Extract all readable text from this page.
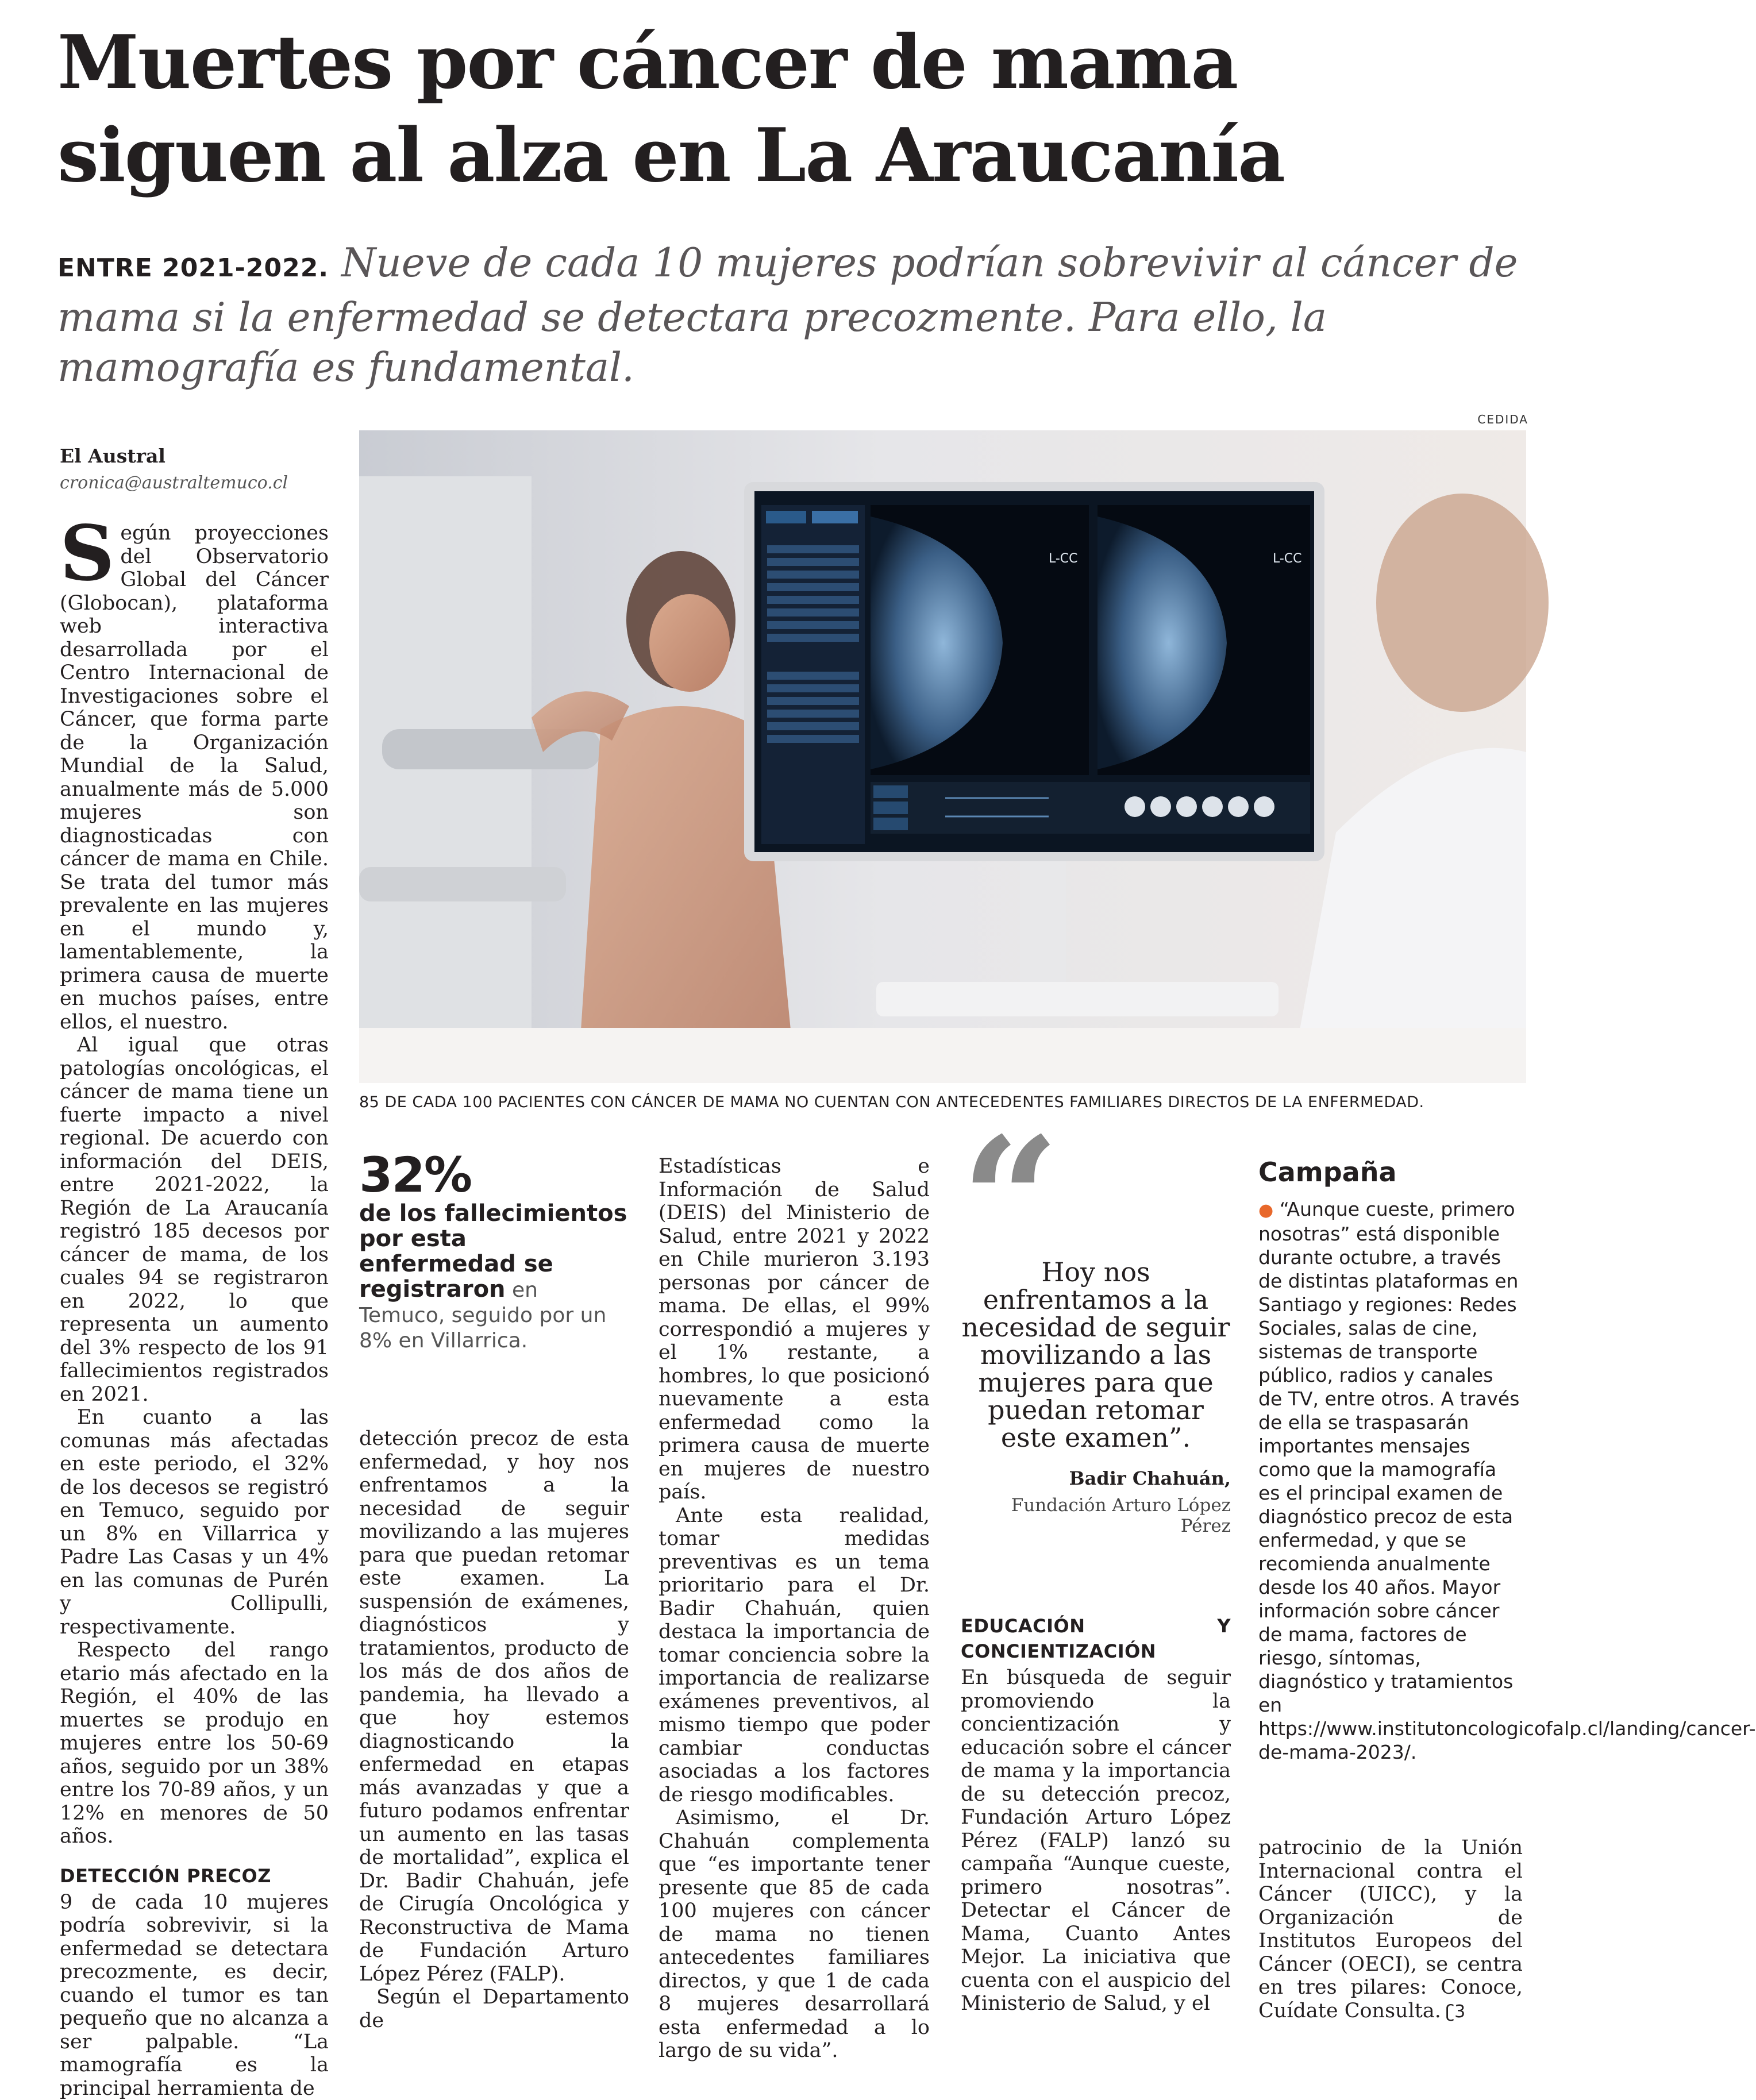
Muertes por cáncer de mama
siguen al alza en La Araucanía
ENTRE 2021-2022. Nueve de cada 10 mujeres podrían sobrevivir al cáncer de mama si la enfermedad se detectara precozmente. Para ello, la mamografía es fundamental.
El Austral
cronica@australtemuco.cl
CEDIDA
L-CC	L-CC
85 DE CADA 100 PACIENTES CON CÁNCER DE MAMA NO CUENTAN CON ANTECEDENTES FAMILIARES DIRECTOS DE LA ENFERMEDAD.

Según proyecciones del Observatorio Global del Cáncer (Globocan), plataforma web interactiva desarrollada por el Centro Internacional de Investigaciones sobre el Cáncer, que forma parte de la Organización Mundial de la Salud, anualmente más de 5.000 mujeres son diagnosticadas con cáncer de mama en Chile. Se trata del tumor más prevalente en las mujeres en el mundo y, lamentablemente, la primera causa de muerte en muchos países, entre ellos, el nuestro.

Al igual que otras patologías oncológicas, el cáncer de mama tiene un fuerte impacto a nivel regional. De acuerdo con información del DEIS, entre 2021-2022, la Región de La Araucanía registró 185 decesos por cáncer de mama, de los cuales 94 se registraron en 2022, lo que representa un aumento del 3% respecto de los 91 fallecimientos registrados en 2021.

En cuanto a las comunas más afectadas en este periodo, el 32% de los decesos se registró en Temuco, seguido por un 8% en Villarrica y Padre Las Casas y un 4% en las comunas de Purén y Collipulli, respectivamente.

Respecto del rango etario más afectado en la Región, el 40% de las muertes se produjo en mujeres entre los 50-69 años, seguido por un 38% entre los 70-89 años, y un 12% en menores de 50 años.

DETECCIÓN PRECOZ

9 de cada 10 mujeres podría sobrevivir, si la enfermedad se detectara precozmente, es decir, cuando el tumor es tan pequeño que no alcanza a ser palpable. “La mamografía es la principal herramienta de

32%
de los fallecimientos por esta enfermedad se registraron en Temuco, seguido por un 8% en Villarrica.

detección precoz de esta enfermedad, y hoy nos enfrentamos a la necesidad de seguir movilizando a las mujeres para que puedan retomar este examen. La suspensión de exámenes, diagnósticos y tratamientos, producto de los más de dos años de pandemia, ha llevado a que hoy estemos diagnosticando la enfermedad en etapas más avanzadas y que a futuro podamos enfrentar un aumento en las tasas de mortalidad”, explica el Dr. Badir Chahuán, jefe de Cirugía Oncológica y Reconstructiva de Mama de Fundación Arturo López Pérez (FALP).

Según el Departamento de

Estadísticas e Información de Salud (DEIS) del Ministerio de Salud, entre 2021 y 2022 en Chile murieron 3.193 personas por cáncer de mama. De ellas, el 99% correspondió a mujeres y el 1% restante, a hombres, lo que posicionó nuevamente a esta enfermedad como la primera causa de muerte en mujeres de nuestro país.

Ante esta realidad, tomar medidas preventivas es un tema prioritario para el Dr. Badir Chahuán, quien destaca la importancia de tomar conciencia sobre la importancia de realizarse exámenes preventivos, al mismo tiempo que poder cambiar conductas asociadas a los factores de riesgo modificables.

Asimismo, el Dr. Chahuán complementa que “es importante tener presente que 85 de cada 100 mujeres con cáncer de mama no tienen antecedentes familiares directos, y que 1 de cada 8 mujeres desarrollará esta enfermedad a lo largo de su vida”.

“
Hoy nos enfrentamos a la necesidad de seguir movilizando a las mujeres para que puedan retomar este examen”.
Badir Chahuán,
Fundación Arturo López Pérez
EDUCACIÓN Y CONCIENTIZACIÓN

En búsqueda de seguir promoviendo la concientización y educación sobre el cáncer de mama y la importancia de su detección precoz, Fundación Arturo López Pérez (FALP) lanzó su campaña “Aunque cueste, primero nosotras”. Detectar el Cáncer de Mama, Cuanto Antes Mejor. La iniciativa que cuenta con el auspicio del Ministerio de Salud, y el

Campaña
● “Aunque cueste, primero nosotras” está disponible durante octubre, a través de distintas plataformas en Santiago y regiones: Redes Sociales, salas de cine, sistemas de transporte público, radios y canales de TV, entre otros. A través de ella se traspasarán importantes mensajes como que la mamografía es el principal examen de diagnóstico precoz de esta enfermedad, y que se recomienda anualmente desde los 40 años. Mayor información sobre cáncer de mama, factores de riesgo, síntomas, diagnóstico y tratamientos en https://www.institutoncologicofalp.cl/landing/cancer-de-mama-2023/.

patrocinio de la Unión Internacional contra el Cáncer (UICC), y la Organización de Institutos Europeos del Cáncer (OECI), se centra en tres pilares: Conoce, Cuídate Consulta. ʗ3
